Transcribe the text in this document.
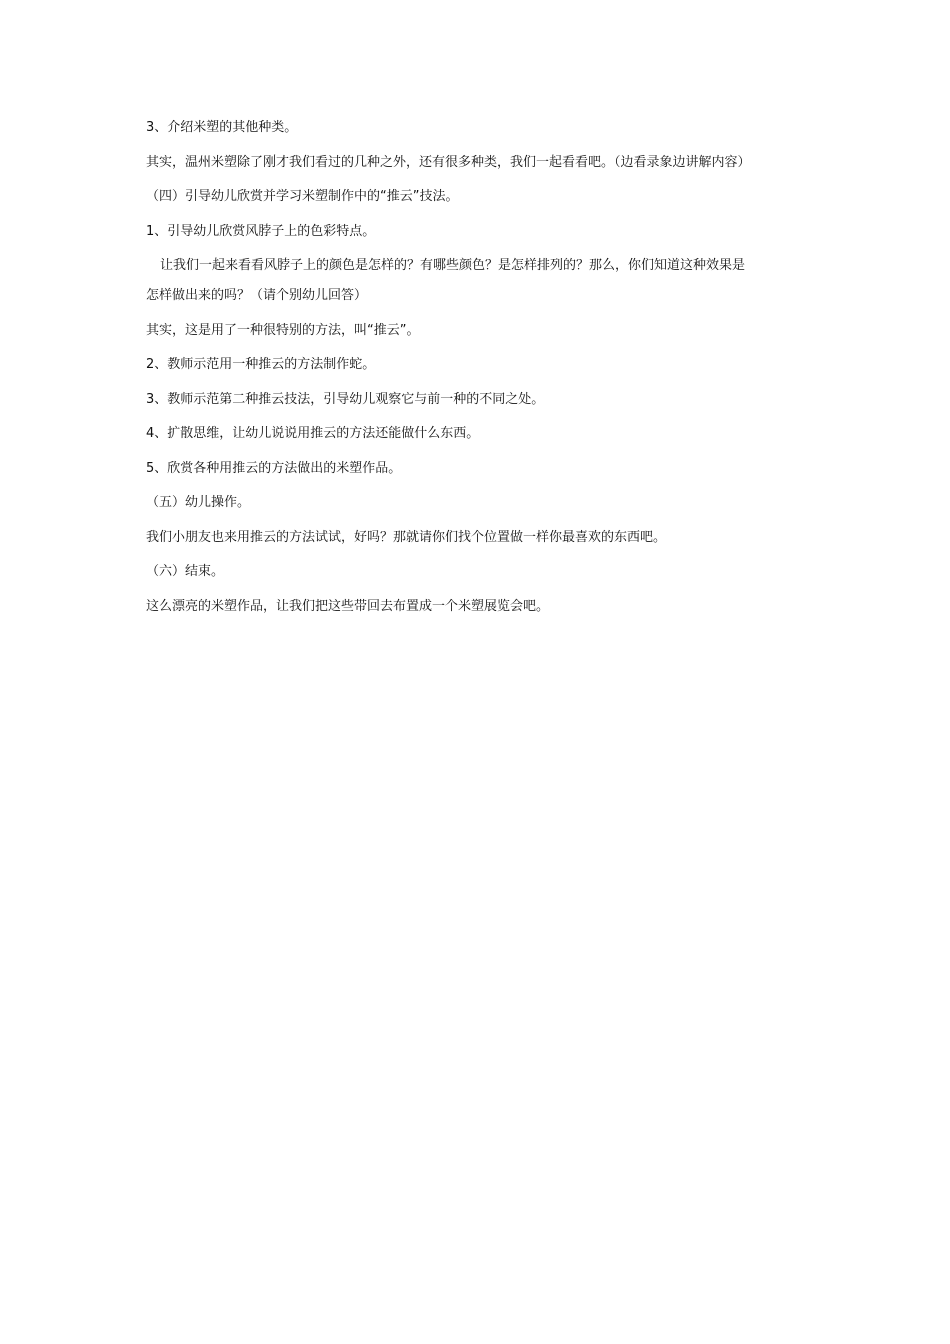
3、介绍米塑的其他种类。

其实，温州米塑除了刚才我们看过的几种之外，还有很多种类，我们一起看看吧。（边看录象边讲解内容）

（四）引导幼儿欣赏并学习米塑制作中的“推云”技法。

1、引导幼儿欣赏风脖子上的色彩特点。

让我们一起来看看风脖子上的颜色是怎样的？有哪些颜色？是怎样排列的？那么，你们知道这种效果是

怎样做出来的吗？（请个别幼儿回答）

其实，这是用了一种很特别的方法，叫“推云”。

2、教师示范用一种推云的方法制作蛇。

3、教师示范第二种推云技法，引导幼儿观察它与前一种的不同之处。

4、扩散思维，让幼儿说说用推云的方法还能做什么东西。

5、欣赏各种用推云的方法做出的米塑作品。

（五）幼儿操作。

我们小朋友也来用推云的方法试试，好吗？那就请你们找个位置做一样你最喜欢的东西吧。

（六）结束。

这么漂亮的米塑作品，让我们把这些带回去布置成一个米塑展览会吧。
